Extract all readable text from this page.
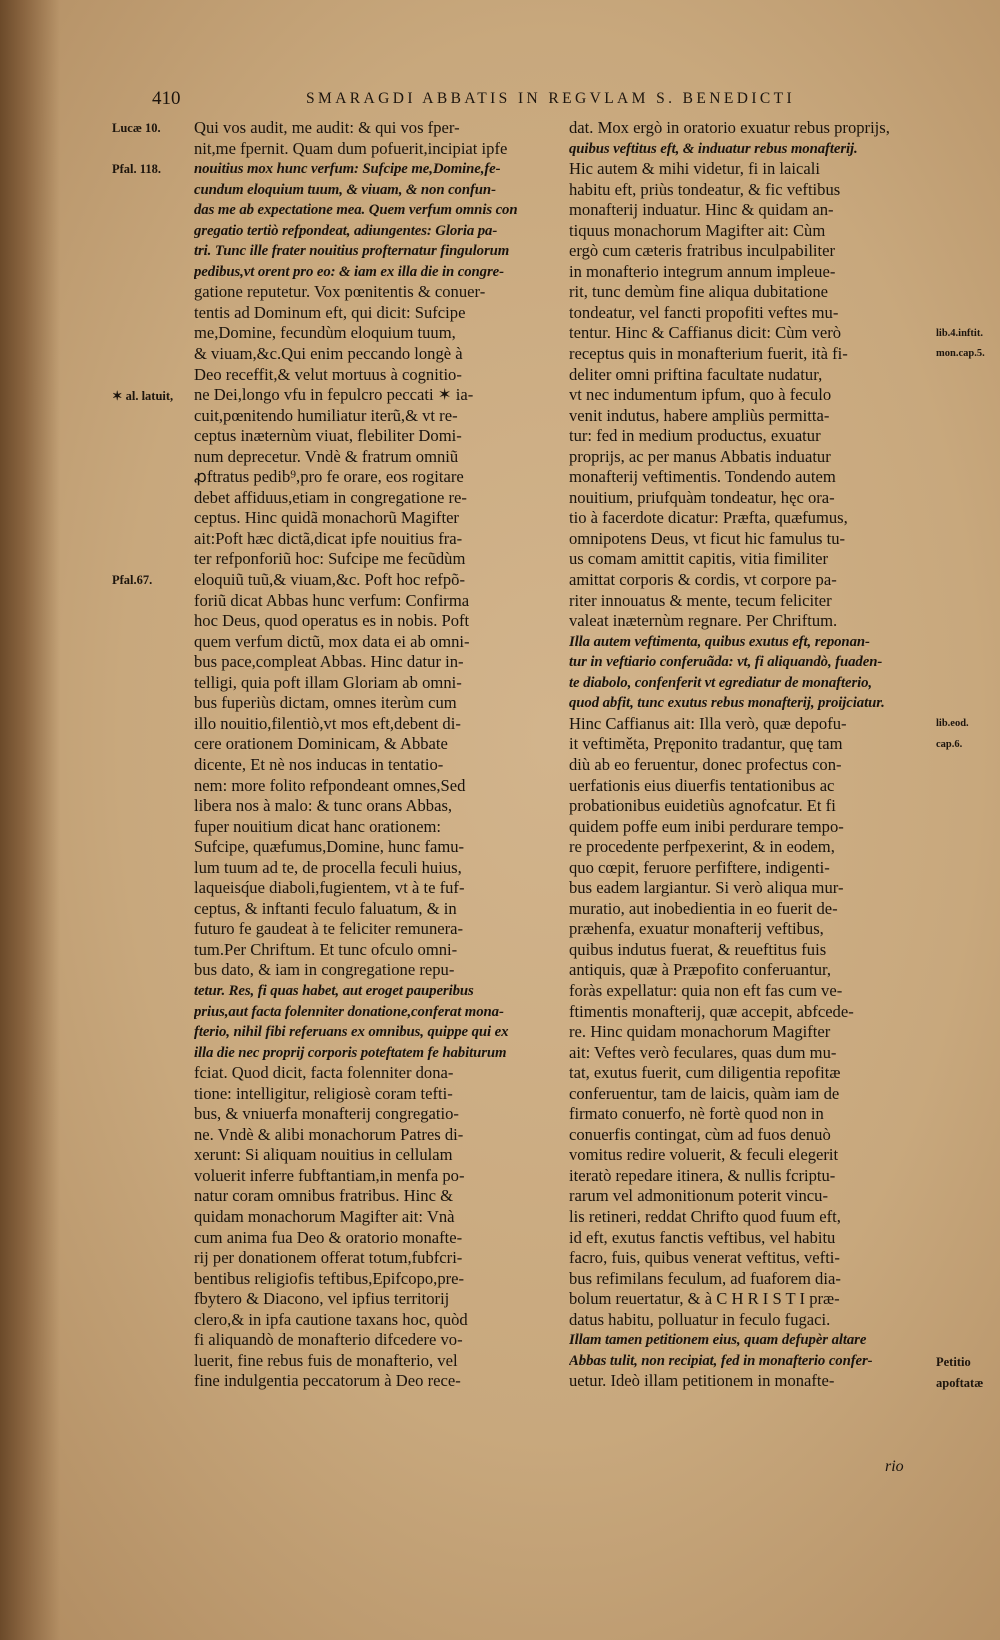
410	SMARAGDI ABBATIS IN REGVLAM S. BENEDICTI
Qui vos audit, me audit: & qui vos fper-
nit,me fpernit. Quam dum pofuerit,incipiat ipfe
nouitius mox hunc verfum: Sufcipe me,Domine,fe-
cundum eloquium tuum, & viuam, & non confun-
das me ab expectatione mea. Quem verfum omnis con
gregatio tertiò refpondeat, adiungentes: Gloria pa-
tri. Tunc ille frater nouitius profternatur fingulorum
pedibus,vt orent pro eo: & iam ex illa die in congre-
gatione reputetur. Vox pœnitentis & conuer-
tentis ad Dominum eft, qui dicit: Sufcipe
me,Domine, fecundùm eloquium tuum,
& viuam,&c.Qui enim peccando longè à
Deo receffit,& velut mortuus à cognitio-
ne Dei,longo vfu in fepulcro peccati ✶ ia-
cuit,pœnitendo humiliatur iterũ,& vt re-
ceptus inæternùm viuat, flebiliter Domi-
num deprecetur. Vndè & fratrum omniũ
ꝓftratus pedib⁹,pro fe orare, eos rogitare
debet affiduus,etiam in congregatione re-
ceptus. Hinc quidã monachorũ Magifter
ait:Poft hæc dictã,dicat ipfe nouitius fra-
ter refponforiũ hoc: Sufcipe me fecũdùm
eloquiũ tuũ,& viuam,&c. Poft hoc refpõ-
foriũ dicat Abbas hunc verfum: Confirma
hoc Deus, quod operatus es in nobis. Poft
quem verfum dictũ, mox data ei ab omni-
bus pace,compleat Abbas. Hinc datur in-
telligi, quia poft illam Gloriam ab omni-
bus fuperiùs dictam, omnes iterùm cum
illo nouitio,filentiò,vt mos eft,debent di-
cere orationem Dominicam, & Abbate
dicente, Et nè nos inducas in tentatio-
nem: more folito refpondeant omnes,Sed
libera nos à malo: & tunc orans Abbas,
fuper nouitium dicat hanc orationem:
Sufcipe, quæfumus,Domine, hunc famu-
lum tuum ad te, de procella feculi huius,
laqueisq́ue diaboli,fugientem, vt à te fuf-
ceptus, & inftanti feculo faluatum, & in
futuro fe gaudeat à te feliciter remunera-
tum.Per Chriftum. Et tunc ofculo omni-
bus dato, & iam in congregatione repu-
tetur. Res, fi quas habet, aut eroget pauperibus
prius,aut facta folenniter donatione,conferat mona-
fterio, nihil fibi referuans ex omnibus, quippe qui ex
illa die nec proprij corporis poteftatem fe habiturum
fciat. Quod dicit, facta folenniter dona-
tione: intelligitur, religiosè coram tefti-
bus, & vniuerfa monafterij congregatio-
ne. Vndè & alibi monachorum Patres di-
xerunt: Si aliquam nouitius in cellulam
voluerit inferre fubftantiam,in menfa po-
natur coram omnibus fratribus. Hinc &
quidam monachorum Magifter ait: Vnà
cum anima fua Deo & oratorio monafte-
rij per donationem offerat totum,fubfcri-
bentibus religiofis teftibus,Epifcopo,pre-
fbytero & Diacono, vel ipfius territorij
clero,& in ipfa cautione taxans hoc, quòd
fi aliquandò de monafterio difcedere vo-
luerit, fine rebus fuis de monafterio, vel
fine indulgentia peccatorum à Deo rece-
dat. Mox ergò in oratorio exuatur rebus proprijs,
quibus veftitus eft, & induatur rebus monafterij.
Hic autem & mihi videtur, fi in laicali
habitu eft, priùs tondeatur, & fic veftibus
monafterij induatur. Hinc & quidam an-
tiquus monachorum Magifter ait: Cùm
ergò cum cæteris fratribus inculpabiliter
in monafterio integrum annum impleue-
rit, tunc demùm fine aliqua dubitatione
tondeatur, vel fancti propofiti veftes mu-
tentur. Hinc & Caffianus dicit: Cùm verò
receptus quis in monafterium fuerit, ità fi-
deliter omni priftina facultate nudatur,
vt nec indumentum ipfum, quo à feculo
venit indutus, habere ampliùs permitta-
tur: fed in medium productus, exuatur
proprijs, ac per manus Abbatis induatur
monafterij veftimentis. Tondendo autem
nouitium, priufquàm tondeatur, hęc ora-
tio à facerdote dicatur: Præfta, quæfumus,
omnipotens Deus, vt ficut hic famulus tu-
us comam amittit capitis, vitia fimiliter
amittat corporis & cordis, vt corpore pa-
riter innouatus & mente, tecum feliciter
valeat inæternùm regnare. Per Chriftum.
Illa autem veftimenta, quibus exutus eft, reponan-
tur in veftiario conferuãda: vt, fi aliquandò, fuaden-
te diabolo, confenferit vt egrediatur de monafterio,
quod abfit, tunc exutus rebus monafterij, proijciatur.
Hinc Caffianus ait: Illa verò, quæ depofu-
it veftiměta, Pręponito tradantur, quę tam
diù ab eo feruentur, donec profectus con-
uerfationis eius diuerfis tentationibus ac
probationibus euidetiùs agnofcatur. Et fi
quidem poffe eum inibi perdurare tempo-
re procedente perfpexerint, & in eodem,
quo cœpit, feruore perfiftere, indigenti-
bus eadem largiantur. Si verò aliqua mur-
muratio, aut inobedientia in eo fuerit de-
præhenfa, exuatur monafterij veftibus,
quibus indutus fuerat, & reueftitus fuis
antiquis, quæ à Præpofito conferuantur,
foràs expellatur: quia non eft fas cum ve-
ftimentis monafterij, quæ accepit, abfcede-
re. Hinc quidam monachorum Magifter
ait: Veftes verò feculares, quas dum mu-
tat, exutus fuerit, cum diligentia repofitæ
conferuentur, tam de laicis, quàm iam de
firmato conuerfo, nè fortè quod non in
conuerfis contingat, cùm ad fuos denuò
vomitus redire voluerit, & feculi elegerit
iteratò repedare itinera, & nullis fcriptu-
rarum vel admonitionum poterit vincu-
lis retineri, reddat Chrifto quod fuum eft,
id eft, exutus fanctis veftibus, vel habitu
facro, fuis, quibus venerat veftitus, vefti-
bus refimilans feculum, ad fuaforem dia-
bolum reuertatur, & à C H R I S T I præ-
datus habitu, polluatur in feculo fugaci.
Illam tamen petitionem eius, quam defupèr altare
Abbas tulit, non recipiat, fed in monafterio confer-
uetur. Ideò illam petitionem in monafte-
Lucæ 10.
Pfal. 118.
✶ al. latuit,
Pfal.67.
lib.4.inftit.
mon.cap.5.
lib.eod.
cap.6.
Petitio
apoftatæ
rio
